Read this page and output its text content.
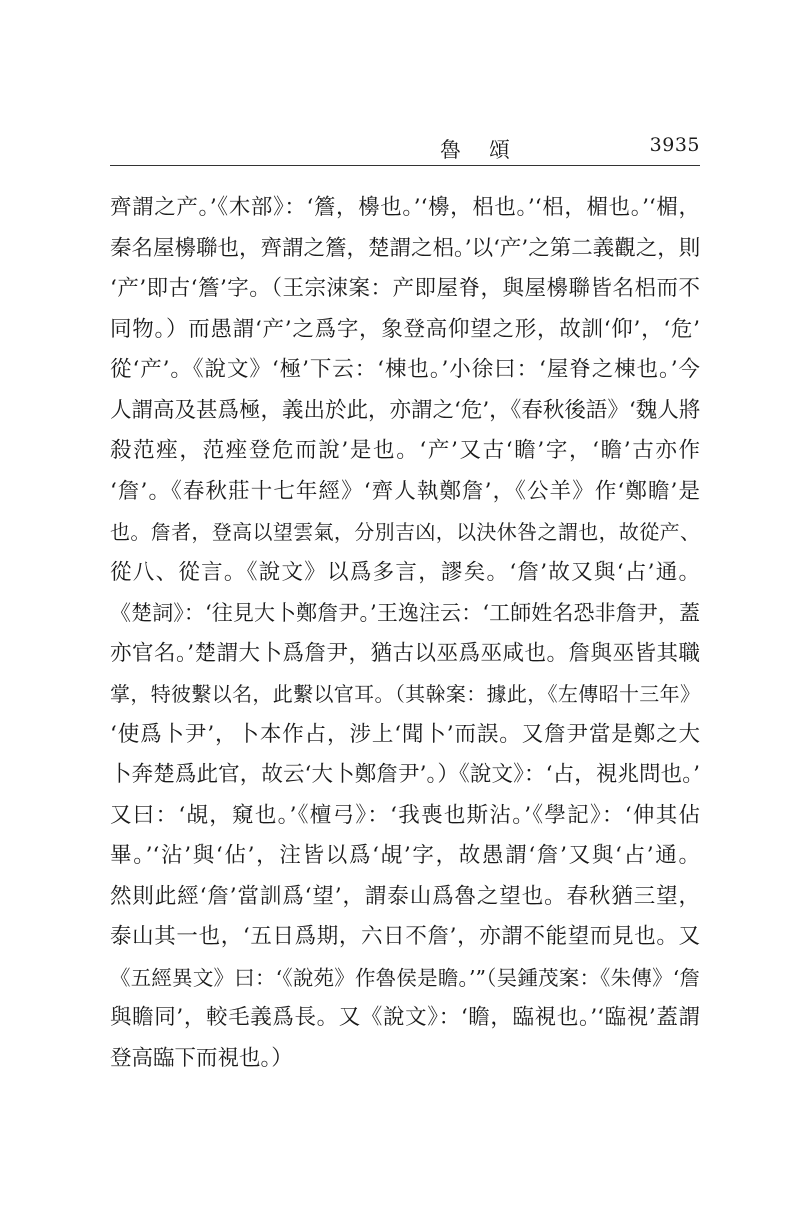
魯頌	3935
齊謂之产。’《木部》：‘簷，櫋也。’‘櫋，梠也。’‘梠，楣也。’‘楣，
秦名屋櫋聯也，齊謂之簷，楚謂之梠。’以‘产’之第二義觀之，則
‘产’即古‘簷’字。（王宗涑案：产即屋脊，與屋櫋聯皆名梠而不
同物。）而愚謂‘产’之爲字，象登高仰望之形，故訓‘仰’，‘危’
從‘产’。《說文》‘極’下云：‘棟也。’小徐曰：‘屋脊之棟也。’今
人謂高及甚爲極，義出於此，亦謂之‘危’，《春秋後語》‘魏人將
殺范痤，范痤登危而說’是也。‘产’又古‘瞻’字，‘瞻’古亦作
‘詹’。《春秋莊十七年經》‘齊人執鄭詹’，《公羊》作‘鄭瞻’是
也。詹者，登高以望雲氣，分別吉凶，以決休咎之謂也，故從产、
從八、從言。《說文》以爲多言，謬矣。‘詹’故又與‘占’通。
《楚詞》：‘往見大卜鄭詹尹。’王逸注云：‘工師姓名恐非詹尹，蓋
亦官名。’楚謂大卜爲詹尹，猶古以巫爲巫咸也。詹與巫皆其職
掌，特彼繫以名，此繫以官耳。（其榦案：據此，《左傳昭十三年》
‘使爲卜尹’，卜本作占，涉上‘聞卜’而誤。又詹尹當是鄭之大
卜奔楚爲此官，故云‘大卜鄭詹尹’。）《說文》：‘占，視兆問也。’
又曰：‘覘，窺也。’《檀弓》：‘我喪也斯沾。’《學記》：‘伸其佔
畢。’‘沾’與‘佔’，注皆以爲‘覘’字，故愚謂‘詹’又與‘占’通。
然則此經‘詹’當訓爲‘望’，謂泰山爲魯之望也。春秋猶三望，
泰山其一也，‘五日爲期，六日不詹’，亦謂不能望而見也。又
《五經異文》曰：‘《說苑》作魯侯是瞻。’”（吴鍾茂案：《朱傳》‘詹
與瞻同’，較毛義爲長。又《說文》：‘瞻，臨視也。’‘臨視’蓋謂
登高臨下而視也。）
